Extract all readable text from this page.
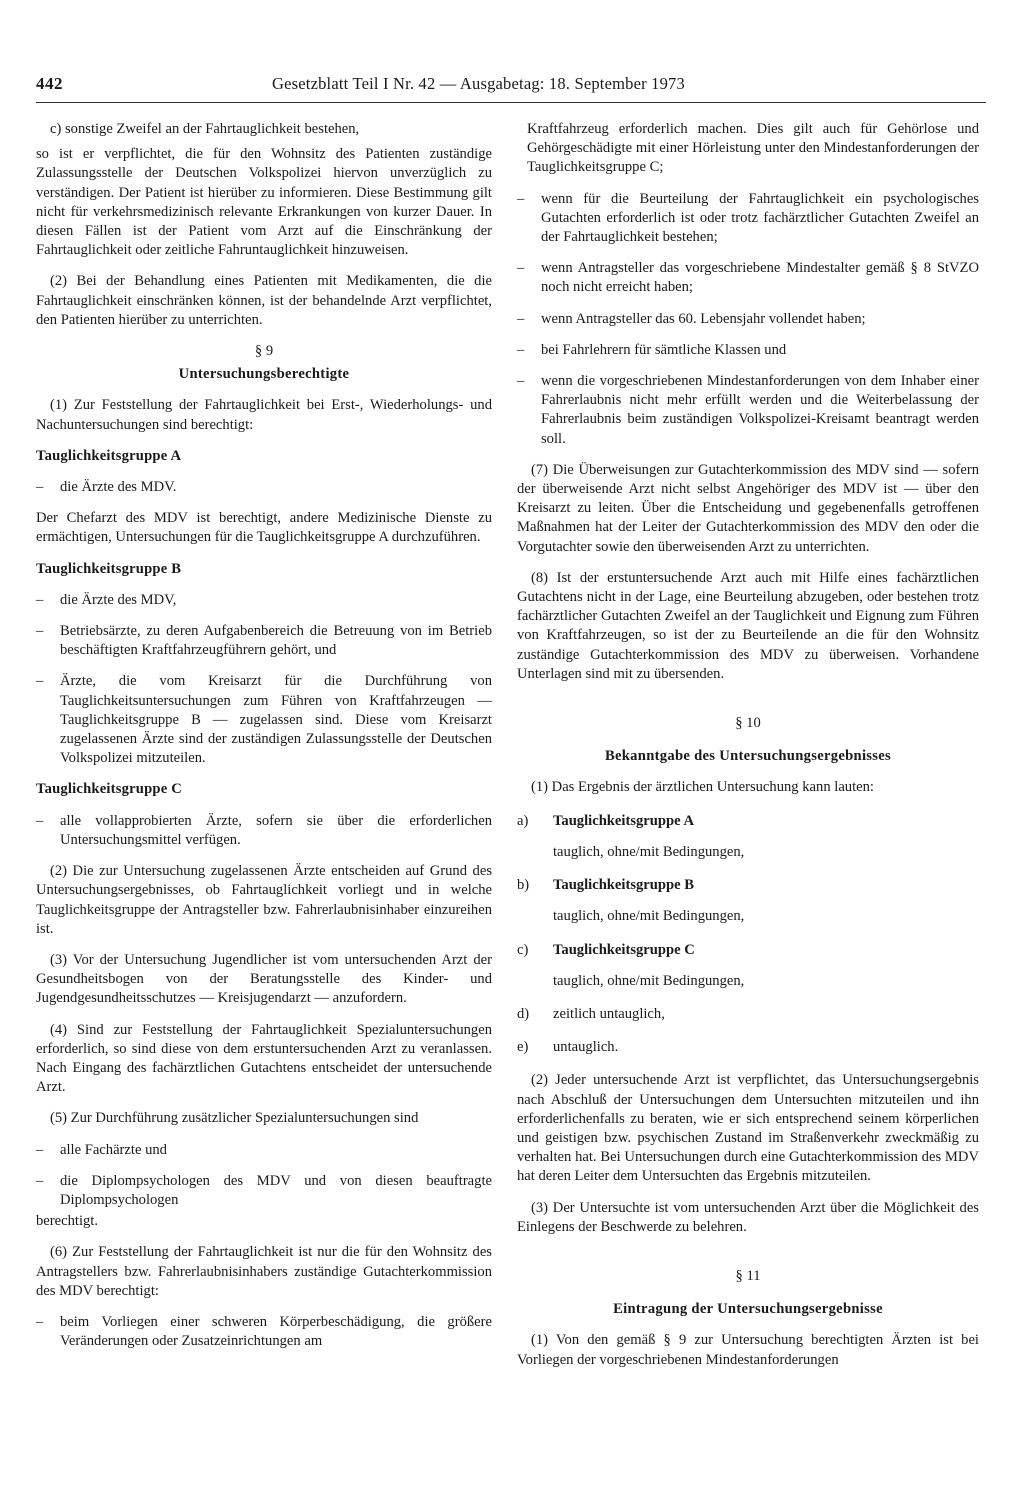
442	Gesetzblatt Teil I Nr. 42 — Ausgabetag: 18. September 1973

c) sonstige Zweifel an der Fahrtauglichkeit bestehen,

so ist er verpflichtet, die für den Wohnsitz des Patienten zuständige Zulassungsstelle der Deutschen Volkspolizei hiervon unverzüglich zu verständigen. Der Patient ist hierüber zu informieren. Diese Bestimmung gilt nicht für verkehrsmedizinisch relevante Erkrankungen von kurzer Dauer. In diesen Fällen ist der Patient vom Arzt auf die Einschränkung der Fahrtauglichkeit oder zeitliche Fahruntauglichkeit hinzuweisen.

(2) Bei der Behandlung eines Patienten mit Medikamenten, die die Fahrtauglichkeit einschränken können, ist der behandelnde Arzt verpflichtet, den Patienten hierüber zu unterrichten.

§ 9

Untersuchungsberechtigte

(1) Zur Feststellung der Fahrtauglichkeit bei Erst-, Wiederholungs- und Nachuntersuchungen sind berechtigt:

Tauglichkeitsgruppe A

– die Ärzte des MDV.

Der Chefarzt des MDV ist berechtigt, andere Medizinische Dienste zu ermächtigen, Untersuchungen für die Tauglichkeitsgruppe A durchzuführen.

Tauglichkeitsgruppe B

– die Ärzte des MDV,

– Betriebsärzte, zu deren Aufgabenbereich die Betreuung von im Betrieb beschäftigten Kraftfahrzeugführern gehört, und

– Ärzte, die vom Kreisarzt für die Durchführung von Tauglichkeitsuntersuchungen zum Führen von Kraftfahrzeugen — Tauglichkeitsgruppe B — zugelassen sind. Diese vom Kreisarzt zugelassenen Ärzte sind der zuständigen Zulassungsstelle der Deutschen Volkspolizei mitzuteilen.

Tauglichkeitsgruppe C

– alle vollapprobierten Ärzte, sofern sie über die erforderlichen Untersuchungsmittel verfügen.

(2) Die zur Untersuchung zugelassenen Ärzte entscheiden auf Grund des Untersuchungsergebnisses, ob Fahrtauglichkeit vorliegt und in welche Tauglichkeitsgruppe der Antragsteller bzw. Fahrerlaubnisinhaber einzureihen ist.

(3) Vor der Untersuchung Jugendlicher ist vom untersuchenden Arzt der Gesundheitsbogen von der Beratungsstelle des Kinder- und Jugendgesundheitsschutzes — Kreisjugendarzt — anzufordern.

(4) Sind zur Feststellung der Fahrtauglichkeit Spezialuntersuchungen erforderlich, so sind diese von dem erstuntersuchenden Arzt zu veranlassen. Nach Eingang des fachärztlichen Gutachtens entscheidet der untersuchende Arzt.

(5) Zur Durchführung zusätzlicher Spezialuntersuchungen sind

– alle Fachärzte und

– die Diplompsychologen des MDV und von diesen beauftragte Diplompsychologen

berechtigt.

(6) Zur Feststellung der Fahrtauglichkeit ist nur die für den Wohnsitz des Antragstellers bzw. Fahrerlaubnisinhabers zuständige Gutachterkommission des MDV berechtigt:

– beim Vorliegen einer schweren Körperbeschädigung, die größere Veränderungen oder Zusatzeinrichtungen am

Kraftfahrzeug erforderlich machen. Dies gilt auch für Gehörlose und Gehörgeschädigte mit einer Hörleistung unter den Mindestanforderungen der Tauglichkeitsgruppe C;

– wenn für die Beurteilung der Fahrtauglichkeit ein psychologisches Gutachten erforderlich ist oder trotz fachärztlicher Gutachten Zweifel an der Fahrtauglichkeit bestehen;

– wenn Antragsteller das vorgeschriebene Mindestalter gemäß § 8 StVZO noch nicht erreicht haben;

– wenn Antragsteller das 60. Lebensjahr vollendet haben;

– bei Fahrlehrern für sämtliche Klassen und

– wenn die vorgeschriebenen Mindestanforderungen von dem Inhaber einer Fahrerlaubnis nicht mehr erfüllt werden und die Weiterbelassung der Fahrerlaubnis beim zuständigen Volkspolizei-Kreisamt beantragt werden soll.

(7) Die Überweisungen zur Gutachterkommission des MDV sind — sofern der überweisende Arzt nicht selbst Angehöriger des MDV ist — über den Kreisarzt zu leiten. Über die Entscheidung und gegebenenfalls getroffenen Maßnahmen hat der Leiter der Gutachterkommission des MDV den oder die Vorgutachter sowie den überweisenden Arzt zu unterrichten.

(8) Ist der erstuntersuchende Arzt auch mit Hilfe eines fachärztlichen Gutachtens nicht in der Lage, eine Beurteilung abzugeben, oder bestehen trotz fachärztlicher Gutachten Zweifel an der Tauglichkeit und Eignung zum Führen von Kraftfahrzeugen, so ist der zu Beurteilende an die für den Wohnsitz zuständige Gutachterkommission des MDV zu überweisen. Vorhandene Unterlagen sind mit zu übersenden.

§ 10

Bekanntgabe des Untersuchungsergebnisses

(1) Das Ergebnis der ärztlichen Untersuchung kann lauten:

a) Tauglichkeitsgruppe A

tauglich, ohne/mit Bedingungen,

b) Tauglichkeitsgruppe B

tauglich, ohne/mit Bedingungen,

c) Tauglichkeitsgruppe C

tauglich, ohne/mit Bedingungen,

d) zeitlich untauglich,
e) untauglich.

(2) Jeder untersuchende Arzt ist verpflichtet, das Untersuchungsergebnis nach Abschluß der Untersuchungen dem Untersuchten mitzuteilen und ihn erforderlichenfalls zu beraten, wie er sich entsprechend seinem körperlichen und geistigen bzw. psychischen Zustand im Straßenverkehr zweckmäßig zu verhalten hat. Bei Untersuchungen durch eine Gutachterkommission des MDV hat deren Leiter dem Untersuchten das Ergebnis mitzuteilen.

(3) Der Untersuchte ist vom untersuchenden Arzt über die Möglichkeit des Einlegens der Beschwerde zu belehren.

§ 11

Eintragung der Untersuchungsergebnisse

(1) Von den gemäß § 9 zur Untersuchung berechtigten Ärzten ist bei Vorliegen der vorgeschriebenen Mindestanforderungen
